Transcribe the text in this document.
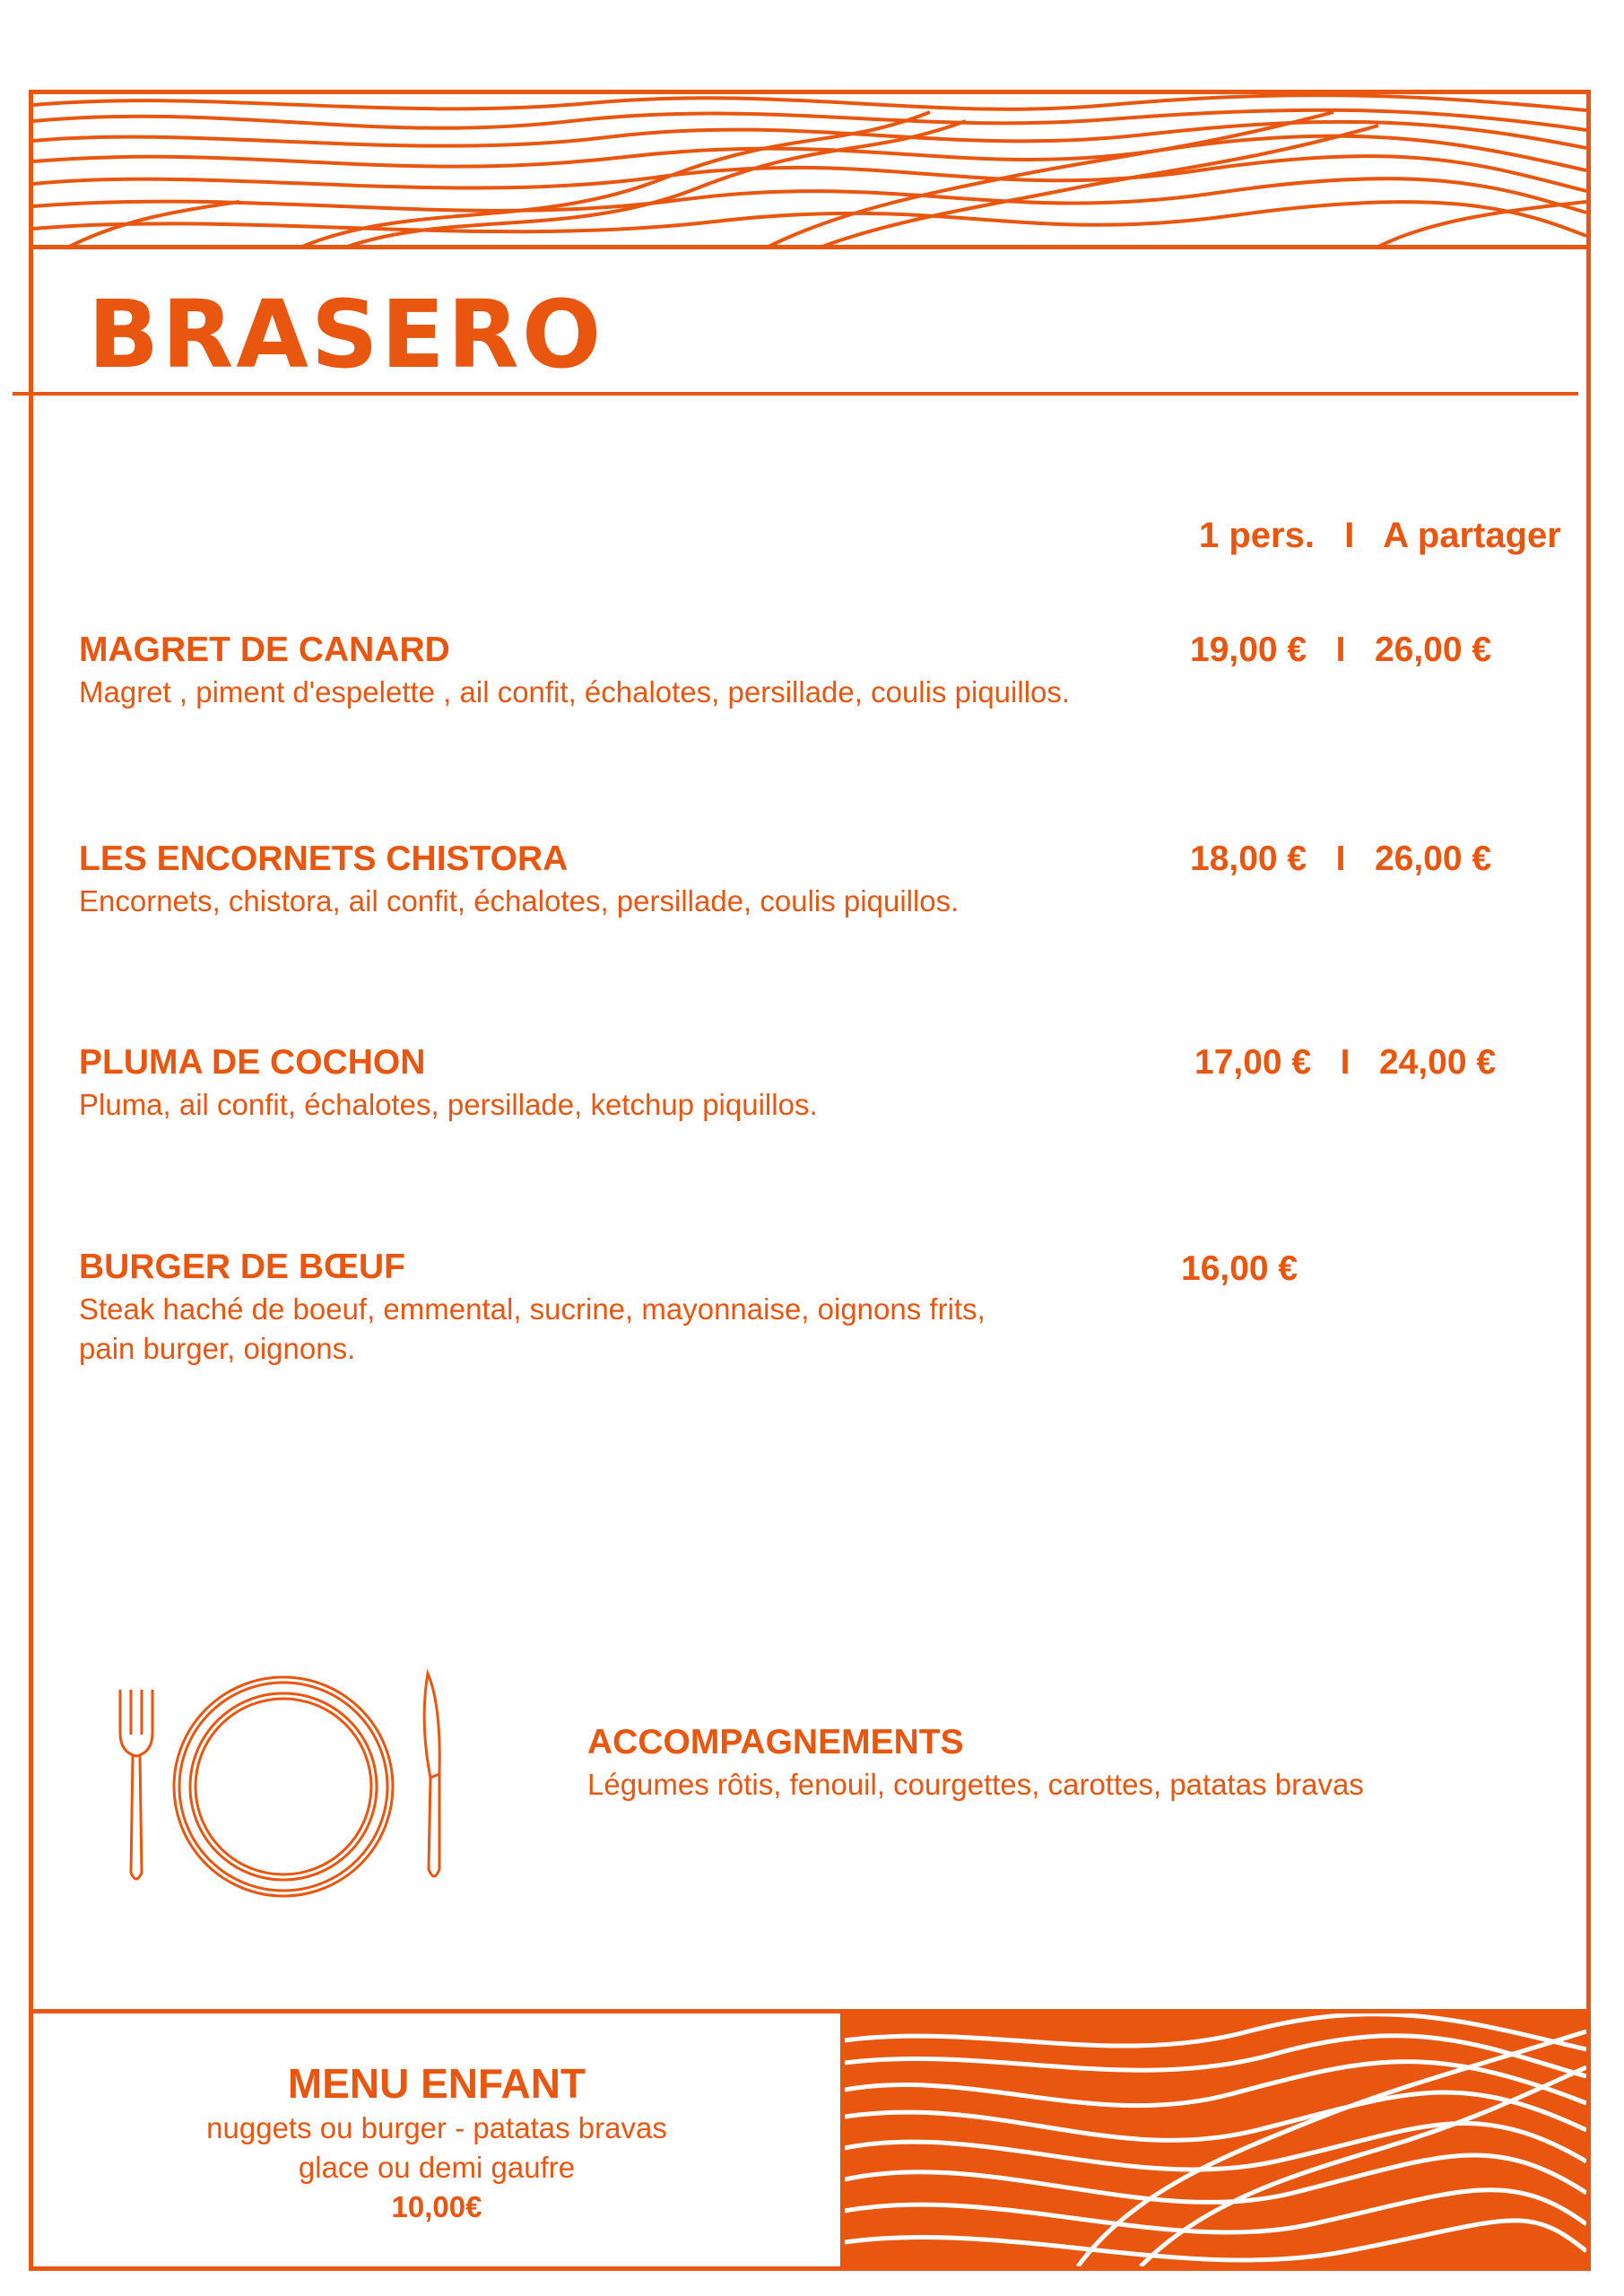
BRASERO
1 pers.   I   A partager

MAGRET DE CANARD

Magret , piment d'espelette , ail confit, échalotes, persillade, coulis piquillos.

19,00 €   I   26,00 €

LES ENCORNETS CHISTORA

Encornets, chistora, ail confit, échalotes, persillade, coulis piquillos.

18,00 €   I   26,00 €

PLUMA DE COCHON

Pluma, ail confit, échalotes, persillade, ketchup piquillos.

17,00 €   I   24,00 €

BURGER DE BŒUF

Steak haché de boeuf, emmental, sucrine, mayonnaise, oignons frits,

pain burger, oignons.

16,00 €

ACCOMPAGNEMENTS

Légumes rôtis, fenouil, courgettes, carottes, patatas bravas

MENU ENFANT

nuggets ou burger - patatas bravas

glace ou demi gaufre

10,00€
